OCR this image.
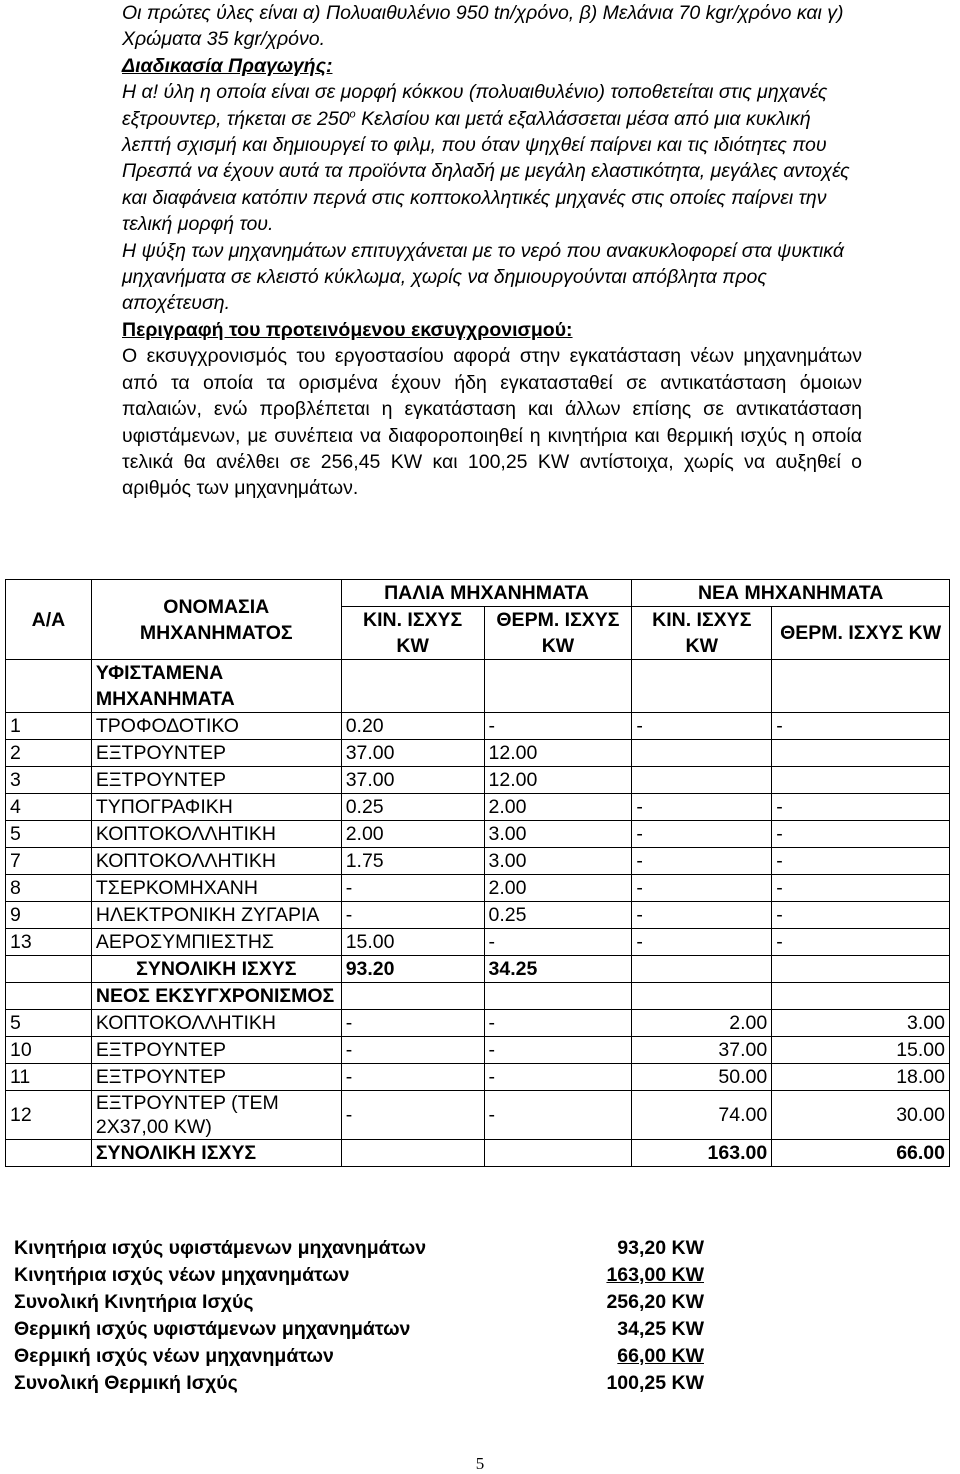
Οι πρώτες ύλες είναι α) Πολυαιθυλένιο 950 tn/χρόνο, β) Μελάνια 70 kgr/χρόνο και γ) Χρώματα 35 kgr/χρόνο.

Διαδικασία Πραγωγής:

Η α! ύλη η οποία είναι σε μορφή κόκκου (πολυαιθυλένιο) τοποθετείται στις μηχανές εξτρουντερ, τήκεται σε $250^o$ Κελσίου και μετά εξαλλάσσεται μέσα από μια κυκλική λεπτή σχισμή και δημιουργεί το φιλμ, που όταν ψηχθεί παίρνει και τις ιδιότητες που Πρεσπά να έχουν αυτά τα προϊόντα δηλαδή με μεγάλη ελαστικότητα, μεγάλες αντοχές και διαφάνεια κατόπιν περνά στις κοπτοκολλητικές μηχανές στις οποίες παίρνει την τελική μορφή του.

Η ψύξη των μηχανημάτων επιτυγχάνεται με το νερό που ανακυκλοφορεί στα ψυκτικά μηχανήματα σε κλειστό κύκλωμα, χωρίς να δημιουργούνται απόβλητα προς αποχέτευση.

Περιγραφή του προτεινόμενου εκσυγχρονισμού:

Ο εκσυγχρονισμός του εργοστασίου αφορά στην εγκατάσταση νέων μηχανημάτων από τα οποία τα ορισμένα έχουν ήδη εγκατασταθεί σε αντικατάσταση όμοιων παλαιών, ενώ προβλέπεται η εγκατάσταση και άλλων επίσης σε αντικατάσταση υφιστάμενων, με συνέπεια να διαφοροποιηθεί η κινητήρια και θερμική ισχύς η οποία τελικά θα ανέλθει σε 256,45 KW και 100,25 KW αντίστοιχα, χωρίς να αυξηθεί ο αριθμός των μηχανημάτων.

Α/Α	ΟΝΟΜΑΣΙΑ ΜΗΧΑΝΗΜΑΤΟΣ	ΠΑΛΙΑ ΜΗΧΑΝΗΜΑΤΑ		ΝΕΑ ΜΗΧΑΝΗΜΑΤΑ	
		ΚΙΝ. ΙΣΧΥΣ KW	ΘΕΡΜ. ΙΣΧΥΣ KW	ΚΙΝ. ΙΣΧΥΣ KW	ΘΕΡΜ. ΙΣΧΥΣ KW
	ΥΦΙΣΤΑΜΕΝΑ ΜΗΧΑΝΗΜΑΤΑ				
1	ΤΡΟΦΟΔΟΤΙΚΟ	0.20	-	-	-
2	ΕΞΤΡΟΥΝΤΕΡ	37.00	12.00		
3	ΕΞΤΡΟΥΝΤΕΡ	37.00	12.00		
4	ΤΥΠΟΓΡΑΦΙΚΗ	0.25	2.00	-	-
5	ΚΟΠΤΟΚΟΛΛΗΤΙΚΗ	2.00	3.00	-	-
7	ΚΟΠΤΟΚΟΛΛΗΤΙΚΗ	1.75	3.00	-	-
8	ΤΣΕΡΚΟΜΗΧΑΝΗ	-	2.00	-	-
9	ΗΛΕΚΤΡΟΝΙΚΗ ΖΥΓΑΡΙΑ	-	0.25	-	-
13	ΑΕΡΟΣΥΜΠΙΕΣΤΗΣ	15.00	-	-	-
	ΣΥΝΟΛΙΚΗ ΙΣΧΥΣ	93.20	34.25		
	ΝΕΟΣ ΕΚΣΥΓΧΡΟΝΙΣΜΟΣ				
5	ΚΟΠΤΟΚΟΛΛΗΤΙΚΗ	-	-	2.00	3.00
10	ΕΞΤΡΟΥΝΤΕΡ	-	-	37.00	15.00
11	ΕΞΤΡΟΥΝΤΕΡ	-	-	50.00	18.00
12	ΕΞΤΡΟΥΝΤΕΡ (ΤΕΜ 2Χ37,00 KW)	-	-	74.00	30.00
	ΣΥΝΟΛΙΚΗ ΙΣΧΥΣ			163.00	66.00
Κινητήρια ισχύς υφιστάμενων μηχανημάτων	93,20 KW
Κινητήρια ισχύς νέων μηχανημάτων	163,00 KW
Συνολική Κινητήρια Ισχύς	256,20 KW
Θερμική ισχύς υφιστάμενων μηχανημάτων	34,25 KW
Θερμική ισχύς νέων μηχανημάτων	66,00 KW
Συνολική Θερμική Ισχύς	100,25 KW
5
